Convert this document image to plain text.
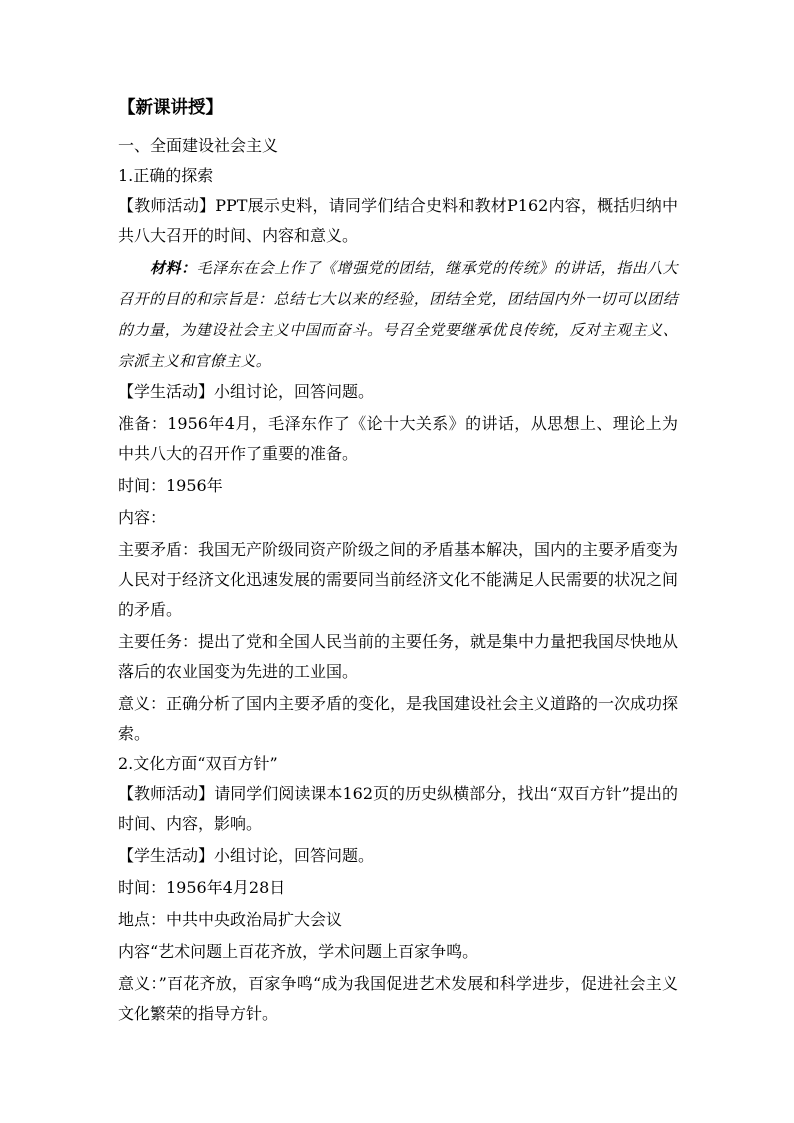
【新课讲授】
一、全面建设社会主义
1.正确的探索
【教师活动】PPT展示史料，请同学们结合史料和教材P162内容，概括归纳中共八大召开的时间、内容和意义。
材料：毛泽东在会上作了《增强党的团结，继承党的传统》的讲话，指出八大召开的目的和宗旨是：总结七大以来的经验，团结全党，团结国内外一切可以团结的力量，为建设社会主义中国而奋斗。号召全党要继承优良传统，反对主观主义、宗派主义和官僚主义。
【学生活动】小组讨论，回答问题。
准备：1956年4月，毛泽东作了《论十大关系》的讲话，从思想上、理论上为中共八大的召开作了重要的准备。
时间：1956年
内容：
主要矛盾：我国无产阶级同资产阶级之间的矛盾基本解决，国内的主要矛盾变为人民对于经济文化迅速发展的需要同当前经济文化不能满足人民需要的状况之间的矛盾。
主要任务：提出了党和全国人民当前的主要任务，就是集中力量把我国尽快地从落后的农业国变为先进的工业国。
意义：正确分析了国内主要矛盾的变化，是我国建设社会主义道路的一次成功探索。
2.文化方面“双百方针”
【教师活动】请同学们阅读课本162页的历史纵横部分，找出“双百方针”提出的时间、内容，影响。
【学生活动】小组讨论，回答问题。
时间：1956年4月28日
地点：中共中央政治局扩大会议
内容“艺术问题上百花齐放，学术问题上百家争鸣。
意义：”百花齐放，百家争鸣“成为我国促进艺术发展和科学进步，促进社会主义文化繁荣的指导方针。
